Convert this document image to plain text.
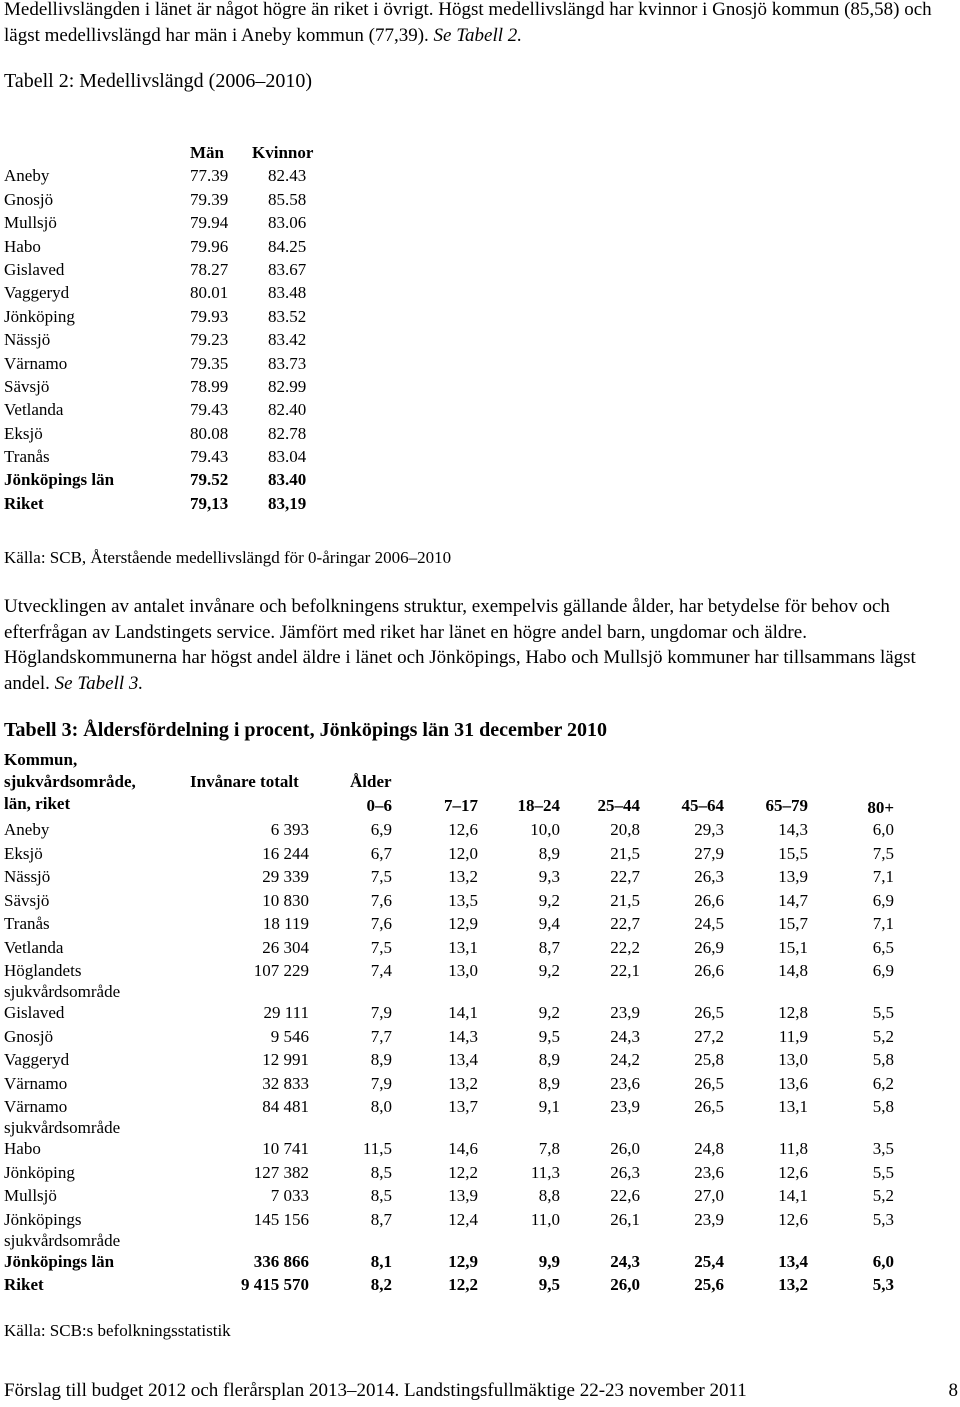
Medellivslängden i länet är något högre än riket i övrigt. Högst medellivslängd har kvinnor i Gnosjö kommun (85,58) och lägst medellivslängd har män i Aneby kommun (77,39). Se Tabell 2.

Tabell 2: Medellivslängd (2006‒2010)
Män Kvinnor
Aneby	77.39 82.43
Gnosjö	79.39 85.58
Mullsjö	79.94 83.06
Habo	79.96 84.25
Gislaved	78.27 83.67
Vaggeryd	80.01 83.48
Jönköping	79.93 83.52
Nässjö	79.23 83.42
Värnamo	79.35 83.73
Sävsjö	78.99 82.99
Vetlanda	79.43 82.40
Eksjö	80.08 82.78
Tranås	79.43 83.04
Jönköpings län	79.52 83.40
Riket	79,13 83,19

Källa: SCB, Återstående medellivslängd för 0-åringar 2006‒2010

Utvecklingen av antalet invånare och befolkningens struktur, exempelvis gällande ålder, har betydelse för behov och efterfrågan av Landstingets service. Jämfört med riket har länet en högre andel barn, ungdomar och äldre. Höglandskommunerna har högst andel äldre i länet och Jönköpings, Habo och Mullsjö kommuner har tillsammans lägst andel. Se Tabell 3.

Tabell 3: Åldersfördelning i procent, Jönköpings län 31 december 2010
Kommun,
sjukvårdsområde,
län, riket
Invånare totalt	Ålder
0‒6	7‒17	18‒24	25‒44	45‒64	65‒79	80+
Aneby	6 393	6,9	12,6	10,0	20,8	29,3	14,3	6,0
Eksjö	16 244	6,7	12,0	8,9	21,5	27,9	15,5	7,5
Nässjö	29 339	7,5	13,2	9,3	22,7	26,3	13,9	7,1
Sävsjö	10 830	7,6	13,5	9,2	21,5	26,6	14,7	6,9
Tranås	18 119	7,6	12,9	9,4	22,7	24,5	15,7	7,1
Vetlanda	26 304	7,5	13,1	8,7	22,2	26,9	15,1	6,5
Höglandets
sjukvårdsområde
107 229	7,4	13,0	9,2	22,1	26,6	14,8	6,9
Gislaved	29 111	7,9	14,1	9,2	23,9	26,5	12,8	5,5
Gnosjö	9 546	7,7	14,3	9,5	24,3	27,2	11,9	5,2
Vaggeryd	12 991	8,9	13,4	8,9	24,2	25,8	13,0	5,8
Värnamo	32 833	7,9	13,2	8,9	23,6	26,5	13,6	6,2
Värnamo
sjukvårdsområde
84 481	8,0	13,7	9,1	23,9	26,5	13,1	5,8
Habo	10 741	11,5	14,6	7,8	26,0	24,8	11,8	3,5
Jönköping	127 382	8,5	12,2	11,3	26,3	23,6	12,6	5,5
Mullsjö	7 033	8,5	13,9	8,8	22,6	27,0	14,1	5,2
Jönköpings
sjukvårdsområde
145 156	8,7	12,4	11,0	26,1	23,9	12,6	5,3
Jönköpings län	336 866	8,1	12,9	9,9	24,3	25,4	13,4	6,0
Riket	9 415 570	8,2	12,2	9,5	26,0	25,6	13,2	5,3

Källa: SCB:s befolkningsstatistik

Förslag till budget 2012 och flerårsplan 2013‒2014. Landstingsfullmäktige 22-23 november 2011	8
